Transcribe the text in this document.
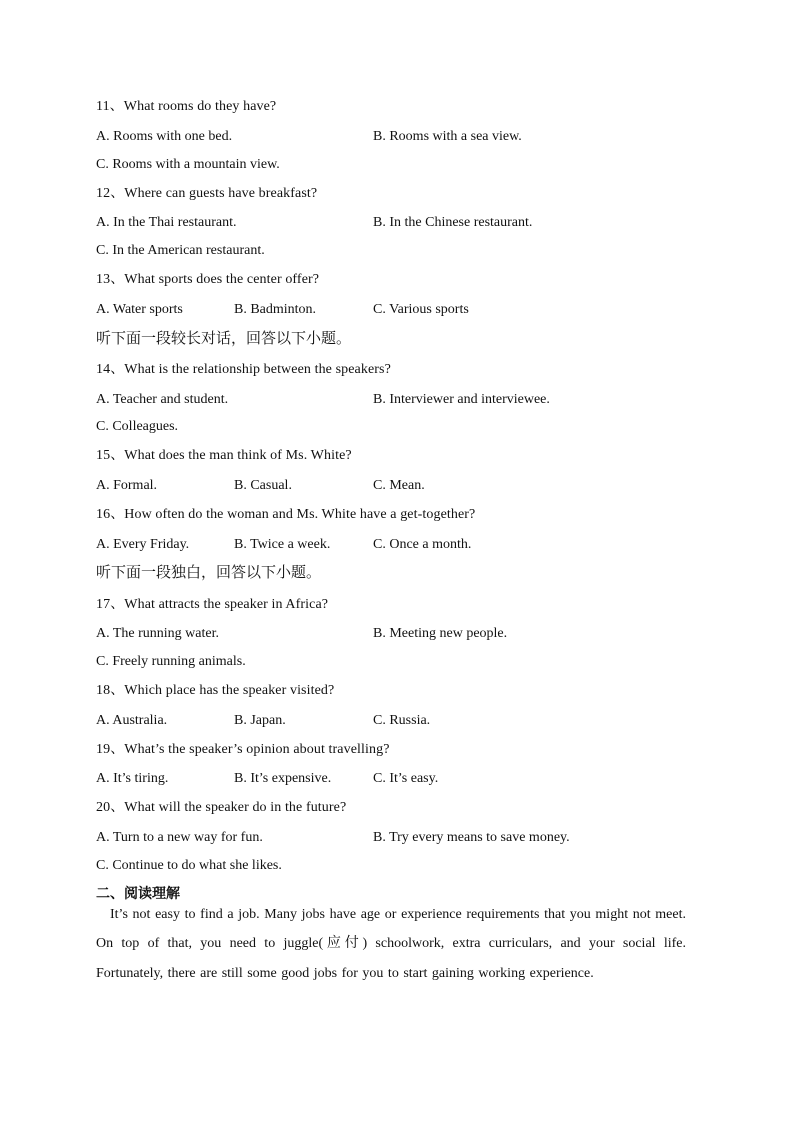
11、What rooms do they have?
A. Rooms with one bed.	B. Rooms with a sea view.
C. Rooms with a mountain view.
12、Where can guests have breakfast?
A. In the Thai restaurant.	B. In the Chinese restaurant.
C. In the American restaurant.
13、What sports does the center offer?
A. Water sports	B. Badminton.	C. Various sports
听下面一段较长对话，回答以下小题。
14、What is the relationship between the speakers?
A. Teacher and student.	B. Interviewer and interviewee.
C. Colleagues.
15、What does the man think of Ms. White?
A. Formal.	B. Casual.	C. Mean.
16、How often do the woman and Ms. White have a get-together?
A. Every Friday.	B. Twice a week.	C. Once a month.
听下面一段独白，回答以下小题。
17、What attracts the speaker in Africa?
A. The running water.	B. Meeting new people.
C. Freely running animals.
18、Which place has the speaker visited?
A. Australia.	B. Japan.	C. Russia.
19、What’s the speaker’s opinion about travelling?
A. It’s tiring.	B. It’s expensive.	C. It’s easy.
20、What will the speaker do in the future?
A. Turn to a new way for fun.	B. Try every means to save money.
C. Continue to do what she likes.
二、阅读理解
It’s not easy to find a job. Many jobs have age or experience requirements that you might not meet. On top of that, you need to juggle(应付) schoolwork, extra curriculars, and your social life. Fortunately, there are still some good jobs for you to start gaining working experience.
